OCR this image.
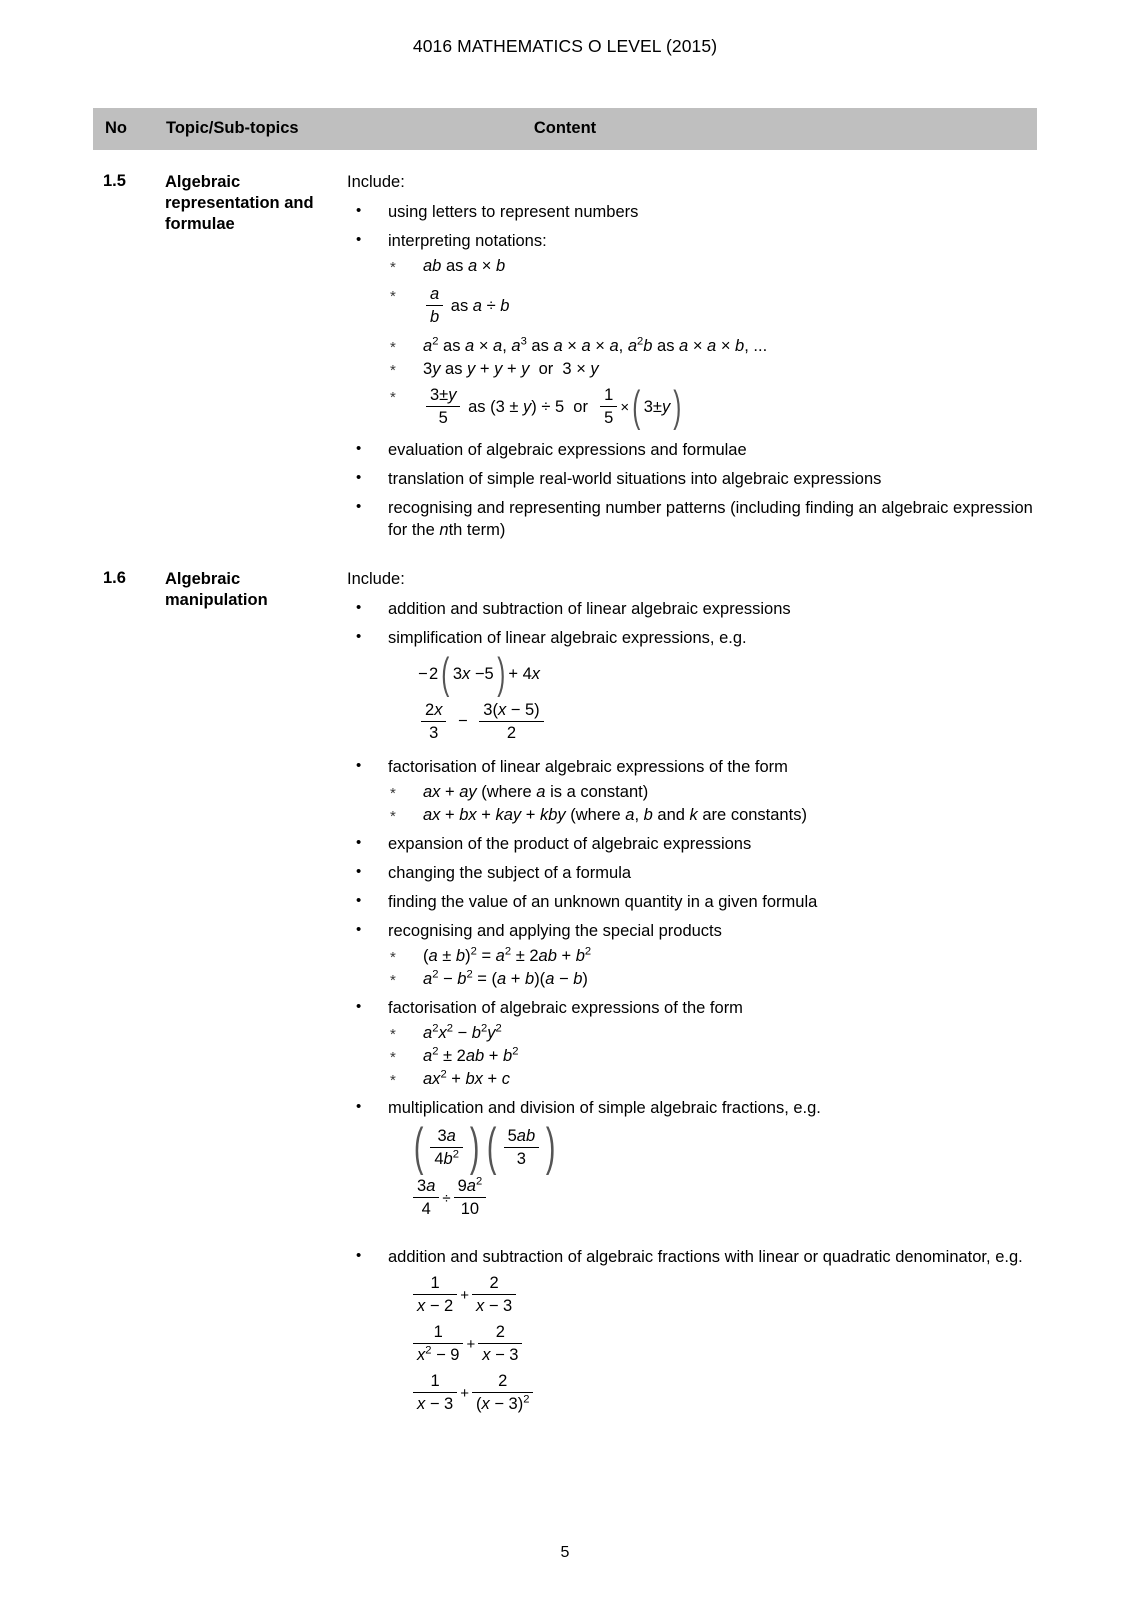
4016 MATHEMATICS O LEVEL (2015)
Content
No Topic/Sub-topics
1.5	Algebraic representation and formulae

Include:

• using letters to represent numbers
• interpreting notations:
* ab as a × b
* $\frac{a}{b}$ as a ÷ b
* $a^2$ as a × a, $a^3$ as a × a × a, $a^2b$ as a × a × b, ...
* 3y as y + y + y  or  3 × y
* $\frac{3\pm y}{5}$ as (3 ± y) ÷ 5  or $\frac{1}{5}$ ×( 3±y)
• evaluation of algebraic expressions and formulae
• translation of simple real-world situations into algebraic expressions
• recognising and representing number patterns (including finding an algebraic expression for the nth term)
1.6	Algebraic manipulation

Include:

• addition and subtraction of linear algebraic expressions
• simplification of linear algebraic expressions, e.g.
− 2( 3x −5) + 4x
$\frac{2x}{3} - \frac{3(x - 5)}{2}$
• factorisation of linear algebraic expressions of the form
* ax + ay (where a is a constant)
* ax + bx + kay + kby (where a, b and k are constants)
• expansion of the product of algebraic expressions
• changing the subject of a formula
• finding the value of an unknown quantity in a given formula
• recognising and applying the special products
* $(a \pm b)^2 = a^2 \pm 2ab + b^2$
* $a^2 - b^2 = (a + b)(a - b)$
• factorisation of algebraic expressions of the form
* $a^2x^2 - b^2y^2$
* $a^2 \pm 2ab + b^2$
* $ax^2$ + bx + c
• multiplication and division of simple algebraic fractions, e.g.
( $\frac{3a}{4b^2}$ ) ( $\frac{5ab}{3}$ )
$\frac{3a}{4} \div \frac{9a^2}{10}$
• addition and subtraction of algebraic fractions with linear or quadratic denominator, e.g.
$\frac{1}{x - 2} + \frac{2}{x - 3}$
$\frac{1}{x^2 - 9} + \frac{2}{x - 3}$
$\frac{1}{x - 3} + \frac{2}{(x - 3)^2}$
5
